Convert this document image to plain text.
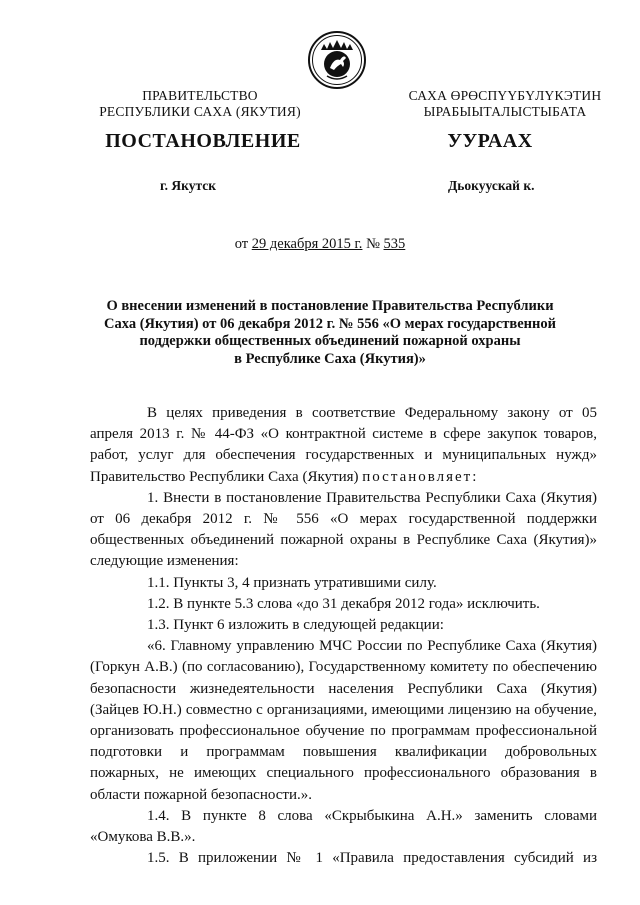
ПРАВИТЕЛЬСТВО
РЕСПУБЛИКИ САХА (ЯКУТИЯ)
САХА ӨРӨСПҮҮБҮЛҮКЭТИН
ЫРАБЫЫТАЛЫСТЫБАТА
ПОСТАНОВЛЕНИЕ	УУРААХ
г. Якутск	Дьокуускай к.
от 29 декабря 2015 г. № 535
О внесении изменений в постановление Правительства Республики
Саха (Якутия) от 06 декабря 2012 г. № 556 «О мерах государственной
поддержки общественных объединений пожарной охраны
в Республике Саха (Якутия)»

В целях приведения в соответствие Федеральному закону от 05 апреля 2013 г. № 44-ФЗ «О контрактной системе в сфере закупок товаров, работ, услуг для обеспечения государственных и муниципальных нужд» Правительство Республики Саха (Якутия) постановляет:

1. Внести в постановление Правительства Республики Саха (Якутия) от 06 декабря 2012 г. № 556 «О мерах государственной поддержки общественных объединений пожарной охраны в Республике Саха (Якутия)» следующие изменения:

1.1. Пункты 3, 4 признать утратившими силу.

1.2. В пункте 5.3 слова «до 31 декабря 2012 года» исключить.

1.3. Пункт 6 изложить в следующей редакции:

«6. Главному управлению МЧС России по Республике Саха (Якутия) (Горкун А.В.) (по согласованию), Государственному комитету по обеспечению безопасности жизнедеятельности населения Республики Саха (Якутия) (Зайцев Ю.Н.) совместно с организациями, имеющими лицензию на обучение, организовать профессиональное обучение по программам профессиональной подготовки и программам повышения квалификации добровольных пожарных, не имеющих специального профессионального образования в области пожарной безопасности.».

1.4. В пункте 8 слова «Скрыбыкина А.Н.» заменить словами «Омукова В.В.».

1.5. В приложении № 1 «Правила предоставления субсидий из
